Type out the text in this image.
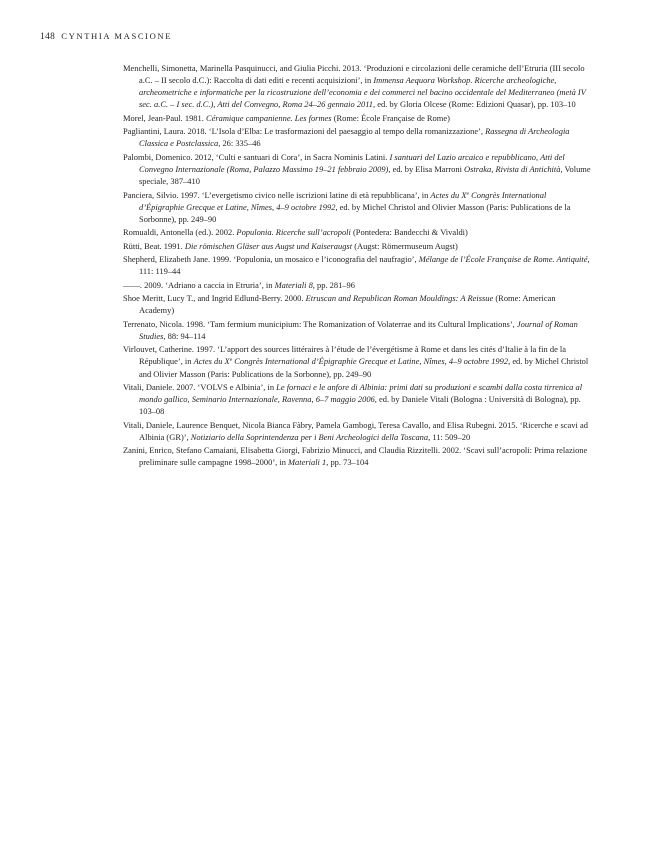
148 CYNTHIA MASCIONE

Menchelli, Simonetta, Marinella Pasquinucci, and Giulia Picchi. 2013. ‘Produzioni e circolazioni delle ceramiche dell’Etruria (III secolo a.C. – II secolo d.C.): Raccolta di dati editi e recenti acquisizioni’, in Immensa Aequora Workshop. Ricerche archeologiche, archeometriche e informatiche per la ricostruzione dell’economia e dei commerci nel bacino occidentale del Mediterraneo (metà IV sec. a.C. – I sec. d.C.), Atti del Convegno, Roma 24–26 gennaio 2011, ed. by Gloria Olcese (Rome: Edizioni Quasar), pp. 103–10

Morel, Jean-Paul. 1981. Céramique campanienne. Les formes (Rome: École Française de Rome)

Pagliantini, Laura. 2018. ‘L’Isola d’Elba: Le trasformazioni del paesaggio al tempo della romanizzazione’, Rassegna di Archeologia Classica e Postclassica, 26: 335–46

Palombi, Domenico. 2012, ‘Culti e santuari di Cora’, in Sacra Nominis Latini. I santuari del Lazio arcaico e repubblicano, Atti del Convegno Internazionale (Roma, Palazzo Massimo 19–21 febbraio 2009), ed. by Elisa Marroni Ostraka, Rivista di Antichità, Volume speciale, 387–410

Panciera, Silvio. 1997. ‘L’evergetismo civico nelle iscrizioni latine di età repubblicana’, in Actes du Xe Congrès International d’Épigraphie Grecque et Latine, Nîmes, 4–9 octobre 1992, ed. by Michel Christol and Olivier Masson (Paris: Publications de la Sorbonne), pp. 249–90

Romualdi, Antonella (ed.). 2002. Populonia. Ricerche sull’acropoli (Pontedera: Bandecchi & Vivaldi)

Rütti, Beat. 1991. Die römischen Gläser aus Augst und Kaiseraugst (Augst: Römermuseum Augst)

Shepherd, Elizabeth Jane. 1999. ‘Populonia, un mosaico e l’iconografia del naufragio’, Mélange de l’École Française de Rome. Antiquité, 111: 119–44

——. 2009. ‘Adriano a caccia in Etruria’, in Materiali 8, pp. 281–96

Shoe Meritt, Lucy T., and Ingrid Edlund-Berry. 2000. Etruscan and Republican Roman Mouldings: A Reissue (Rome: American Academy)

Terrenato, Nicola. 1998. ‘Tam fermium municipium: The Romanization of Volaterrae and its Cultural Implications’, Journal of Roman Studies, 88: 94–114

Virlouvet, Catherine. 1997. ‘L’apport des sources littéraires à l’étude de l’évergétisme à Rome et dans les cités d’Italie à la fin de la République’, in Actes du Xe Congrès International d’Épigraphie Grecque et Latine, Nîmes, 4–9 octobre 1992, ed. by Michel Christol and Olivier Masson (Paris: Publications de la Sorbonne), pp. 249–90

Vitali, Daniele. 2007. ‘VOLVS e Albinia’, in Le fornaci e le anfore di Albinia: primi dati su produzioni e scambi dalla costa tirrenica al mondo gallico, Seminario Internazionale, Ravenna, 6–7 maggio 2006, ed. by Daniele Vitali (Bologna : Università di Bologna), pp. 103–08

Vitali, Daniele, Laurence Benquet, Nicola Bianca Fàbry, Pamela Gambogi, Teresa Cavallo, and Elisa Rubegni. 2015. ‘Ricerche e scavi ad Albinia (GR)’, Notiziario della Soprintendenza per i Beni Archeologici della Toscana, 11: 509–20

Zanini, Enrico, Stefano Camaiani, Elisabetta Giorgi, Fabrizio Minucci, and Claudia Rizzitelli. 2002. ‘Scavi sull’acropoli: Prima relazione preliminare sulle campagne 1998–2000’, in Materiali 1, pp. 73–104
